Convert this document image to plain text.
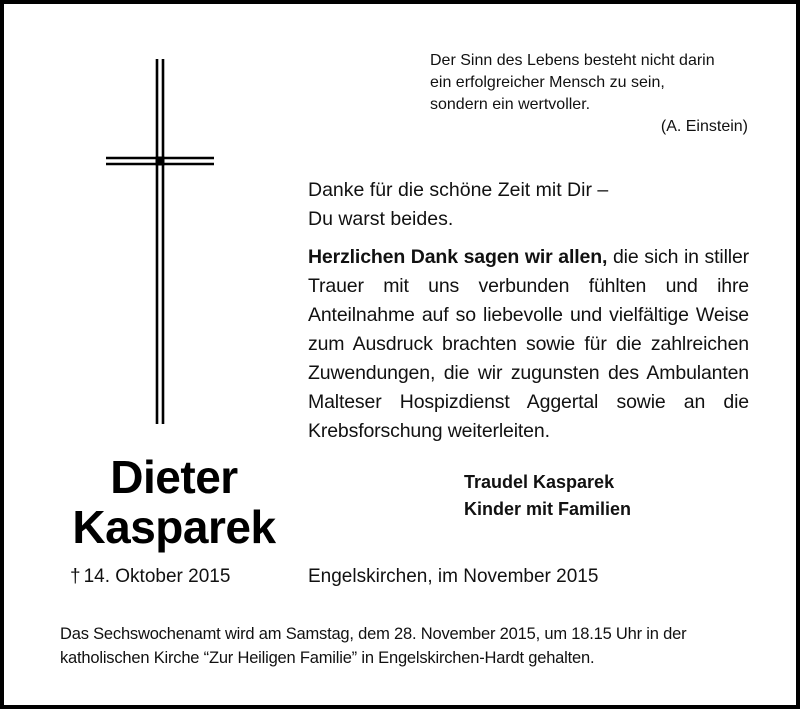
Der Sinn des Lebens besteht nicht darin
ein erfolgreicher Mensch zu sein,
sondern ein wertvoller.
(A. Einstein)
Danke für die schöne Zeit mit Dir –
Du warst beides.
Herzlichen Dank sagen wir allen, die sich in stiller Trauer mit uns verbunden fühlten und ihre Anteilnahme auf so liebevolle und vielfältige Weise zum Ausdruck brachten sowie für die zahlreichen Zuwendungen, die wir zugunsten des Ambulanten Malteser Hospizdienst Aggertal sowie an die Krebsforschung weiterleiten.
Dieter
Kasparek
† 14. Oktober 2015
Traudel Kasparek
Kinder mit Familien
Engelskirchen, im November 2015
Das Sechswochenamt wird am Samstag, dem 28. November 2015, um 18.15 Uhr in der
katholischen Kirche “Zur Heiligen Familie” in Engelskirchen-Hardt gehalten.
